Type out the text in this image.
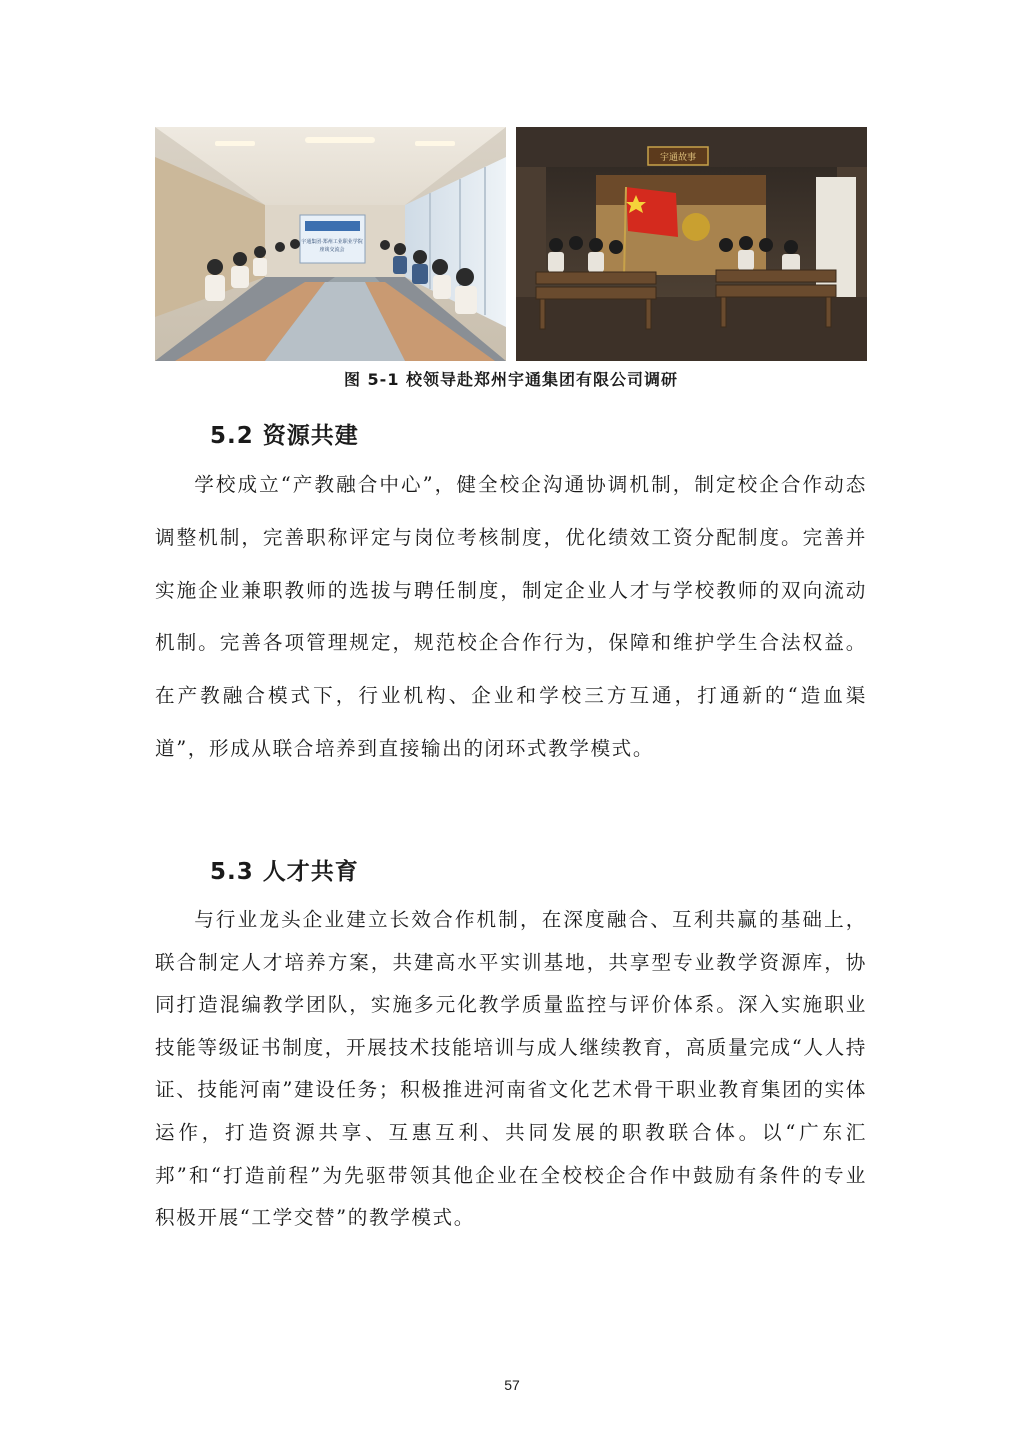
宇通集团·郑州工业职业学院
座谈交流会
宇通故事
图 5-1 校领导赴郑州宇通集团有限公司调研
5.2 资源共建

学校成立“产教融合中心”，健全校企沟通协调机制，制定校企合作动态调整机制，完善职称评定与岗位考核制度，优化绩效工资分配制度。完善并实施企业兼职教师的选拔与聘任制度，制定企业人才与学校教师的双向流动机制。完善各项管理规定，规范校企合作行为，保障和维护学生合法权益。在产教融合模式下，行业机构、企业和学校三方互通，打通新的“造血渠道”，形成从联合培养到直接输出的闭环式教学模式。

5.3 人才共育

与行业龙头企业建立长效合作机制，在深度融合、互利共赢的基础上，联合制定人才培养方案，共建高水平实训基地，共享型专业教学资源库，协同打造混编教学团队，实施多元化教学质量监控与评价体系。深入实施职业技能等级证书制度，开展技术技能培训与成人继续教育，高质量完成“人人持证、技能河南”建设任务；积极推进河南省文化艺术骨干职业教育集团的实体运作，打造资源共享、互惠互利、共同发展的职教联合体。以“广东汇邦”和“打造前程”为先驱带领其他企业在全校校企合作中鼓励有条件的专业积极开展“工学交替”的教学模式。

57
